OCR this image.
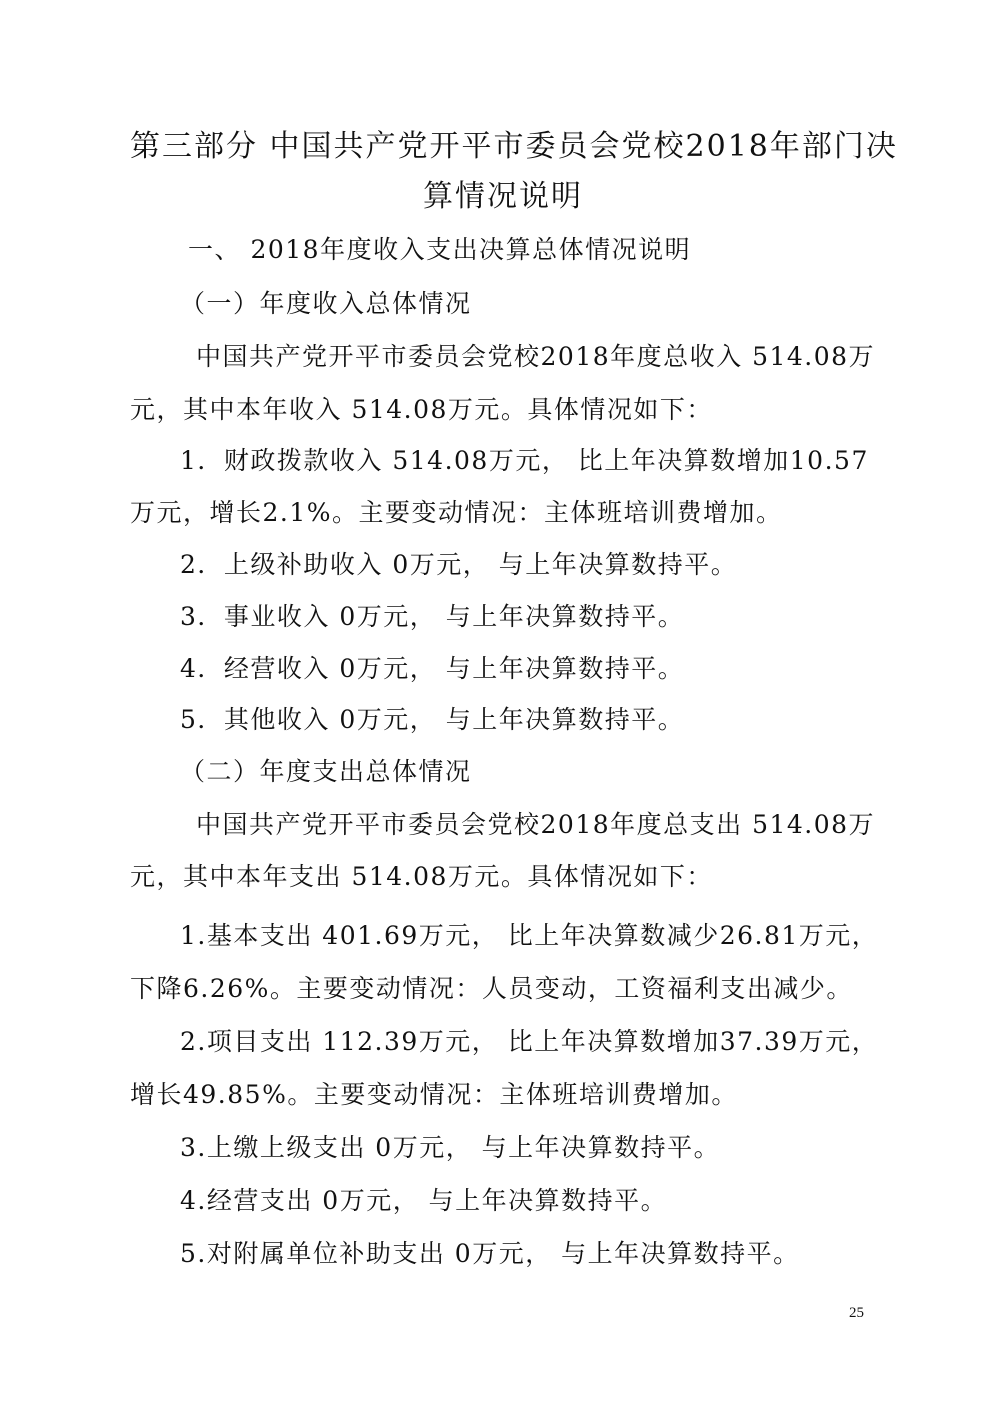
第三部分 中国共产党开平市委员会党校2018年部门决
算情况说明
一、 2018年度收入支出决算总体情况说明
（一）年度收入总体情况
中国共产党开平市委员会党校2018年度总收入 514.08万
元，其中本年收入 514.08万元。具体情况如下：
1．财政拨款收入 514.08万元， 比上年决算数增加10.57
万元，增长2.1%。主要变动情况：主体班培训费增加。
2．上级补助收入 0万元， 与上年决算数持平。
3．事业收入 0万元， 与上年决算数持平。
4．经营收入 0万元， 与上年决算数持平。
5．其他收入 0万元， 与上年决算数持平。
（二）年度支出总体情况
中国共产党开平市委员会党校2018年度总支出 514.08万
元，其中本年支出 514.08万元。具体情况如下：
1.基本支出 401.69万元， 比上年决算数减少26.81万元，
下降6.26%。主要变动情况：人员变动，工资福利支出减少。
2.项目支出 112.39万元， 比上年决算数增加37.39万元，
增长49.85%。主要变动情况：主体班培训费增加。
3.上缴上级支出 0万元， 与上年决算数持平。
4.经营支出 0万元， 与上年决算数持平。
5.对附属单位补助支出 0万元， 与上年决算数持平。
25
